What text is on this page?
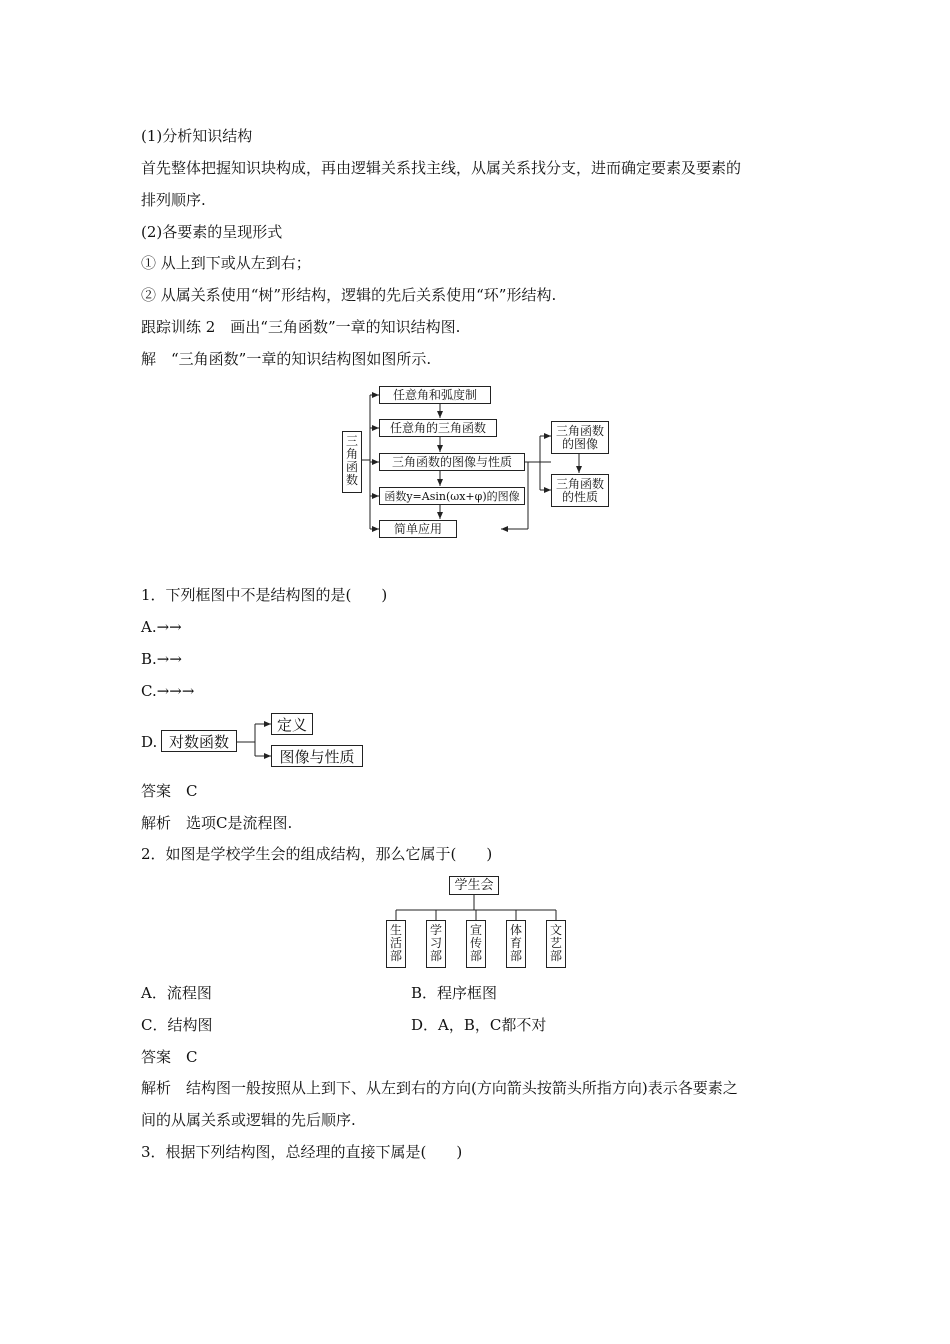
(1)分析知识结构
首先整体把握知识块构成，再由逻辑关系找主线，从属关系找分支，进而确定要素及要素的
排列顺序.
(2)各要素的呈现形式
① 从上到下或从左到右；
② 从属关系使用“树”形结构，逻辑的先后关系使用“环”形结构.
跟踪训练 2　画出“三角函数”一章的知识结构图.
解　“三角函数”一章的知识结构图如图所示.
三角函数
任意角和弧度制
任意角的三角函数
三角函数的图像与性质
函数y=Asin(ωx+φ)的图像
简单应用
三角函数的图像
三角函数的性质
1．下列框图中不是结构图的是(　　)
A.→→
B.→→
C.→→→
D. 对数函数
定义
图像与性质
答案　C
解析　选项C是流程图.
2．如图是学校学生会的组成结构，那么它属于(　　)
学生会
生活部
学习部
宣传部
体育部
文艺部
A．流程图	B．程序框图
C．结构图	D．A，B，C都不对
答案　C
解析　结构图一般按照从上到下、从左到右的方向(方向箭头按箭头所指方向)表示各要素之
间的从属关系或逻辑的先后顺序.
3．根据下列结构图，总经理的直接下属是(　　)
